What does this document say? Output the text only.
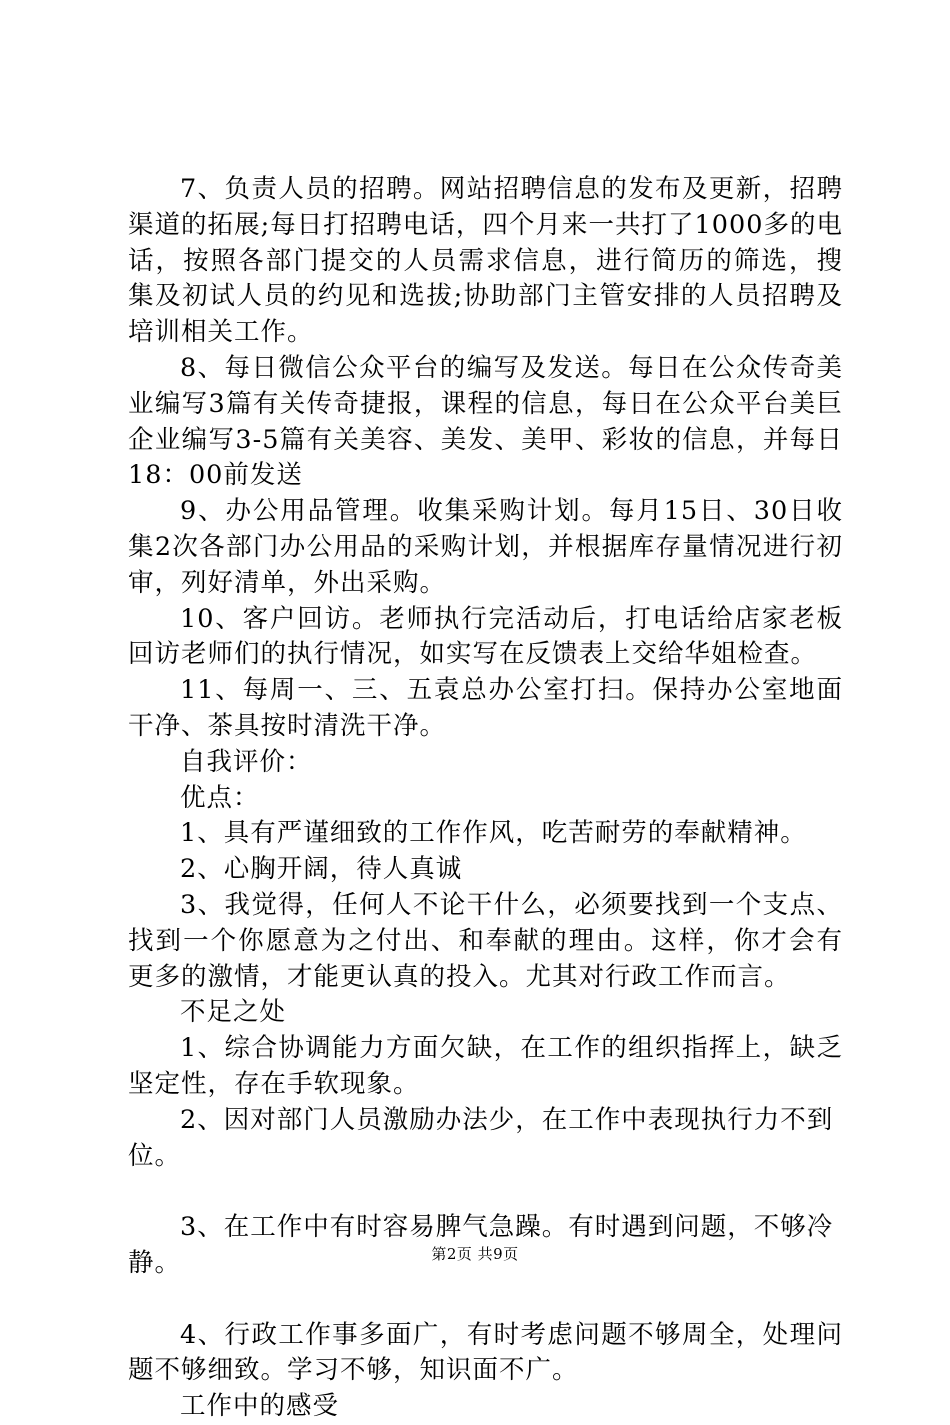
7、负责人员的招聘。网站招聘信息的发布及更新，招聘渠道的拓展;每日打招聘电话，四个月来一共打了1000多的电话，按照各部门提交的人员需求信息，进行简历的筛选，搜集及初试人员的约见和选拔;协助部门主管安排的人员招聘及培训相关工作。

8、每日微信公众平台的编写及发送。每日在公众传奇美业编写3篇有关传奇捷报，课程的信息，每日在公众平台美巨企业编写3-5篇有关美容、美发、美甲、彩妆的信息，并每日18：00前发送

9、办公用品管理。收集采购计划。每月15日、30日收集2次各部门办公用品的采购计划，并根据库存量情况进行初审，列好清单，外出采购。

10、客户回访。老师执行完活动后，打电话给店家老板回访老师们的执行情况，如实写在反馈表上交给华姐检查。

11、每周一、三、五袁总办公室打扫。保持办公室地面干净、茶具按时清洗干净。

自我评价：

优点：

1、具有严谨细致的工作作风，吃苦耐劳的奉献精神。

2、心胸开阔，待人真诚

3、我觉得，任何人不论干什么，必须要找到一个支点、找到一个你愿意为之付出、和奉献的理由。这样，你才会有更多的激情，才能更认真的投入。尤其对行政工作而言。

不足之处

1、综合协调能力方面欠缺，在工作的组织指挥上，缺乏坚定性，存在手软现象。

2、因对部门人员激励办法少，在工作中表现执行力不到位。

3、在工作中有时容易脾气急躁。有时遇到问题，不够冷静。

4、行政工作事多面广，有时考虑问题不够周全，处理问题不够细致。学习不够，知识面不广。

工作中的感受

第2页 共9页
